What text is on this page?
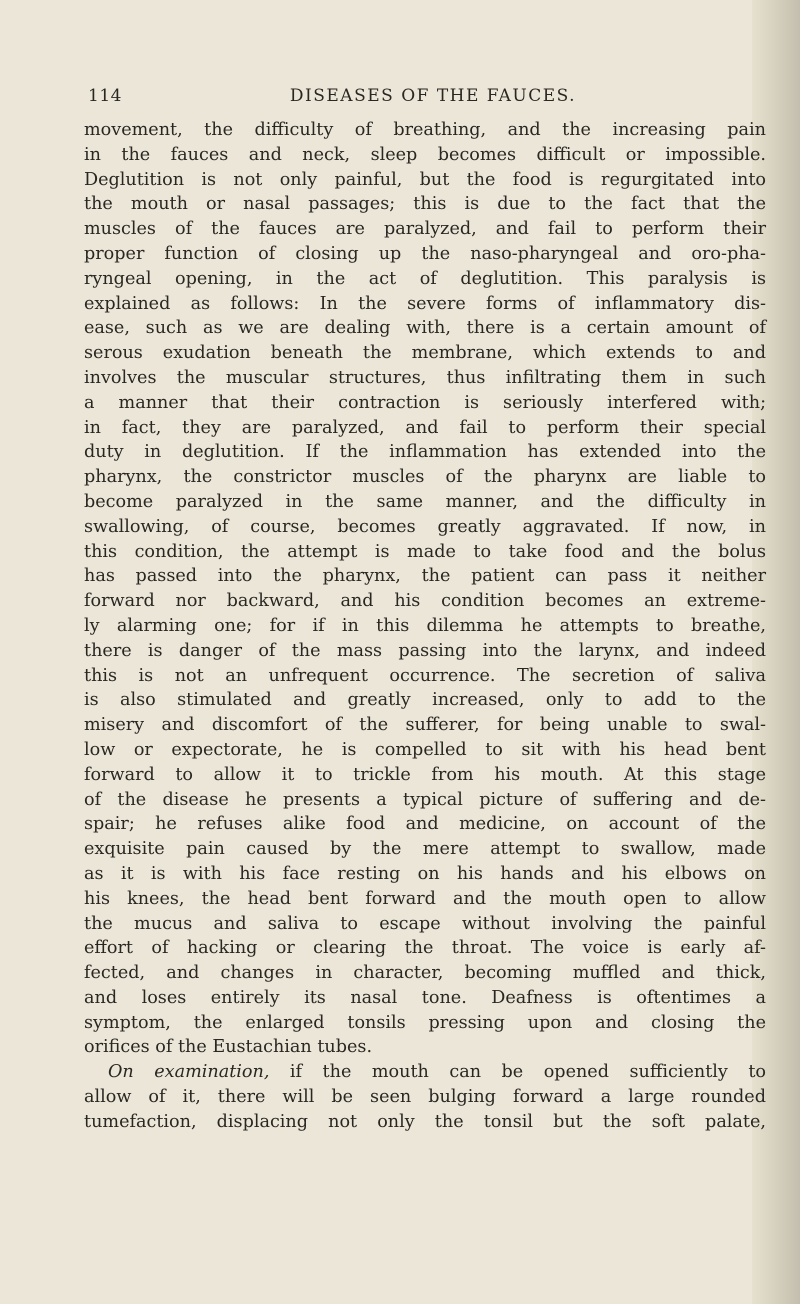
114	DISEASES OF THE FAUCES.
movement, the difficulty of breathing, and the increasing pain
in the fauces and neck, sleep becomes difficult or impossible.
Deglutition is not only painful, but the food is regurgitated into
the mouth or nasal passages; this is due to the fact that the
muscles of the fauces are paralyzed, and fail to perform their
proper function of closing up the naso-pharyngeal and oro-pha-
ryngeal opening, in the act of deglutition. This paralysis is
explained as follows: In the severe forms of inflammatory dis-
ease, such as we are dealing with, there is a certain amount of
serous exudation beneath the membrane, which extends to and
involves the muscular structures, thus infiltrating them in such
a manner that their contraction is seriously interfered with;
in fact, they are paralyzed, and fail to perform their special
duty in deglutition. If the inflammation has extended into the
pharynx, the constrictor muscles of the pharynx are liable to
become paralyzed in the same manner, and the difficulty in
swallowing, of course, becomes greatly aggravated. If now, in
this condition, the attempt is made to take food and the bolus
has passed into the pharynx, the patient can pass it neither
forward nor backward, and his condition becomes an extreme-
ly alarming one; for if in this dilemma he attempts to breathe,
there is danger of the mass passing into the larynx, and indeed
this is not an unfrequent occurrence. The secretion of saliva
is also stimulated and greatly increased, only to add to the
misery and discomfort of the sufferer, for being unable to swal-
low or expectorate, he is compelled to sit with his head bent
forward to allow it to trickle from his mouth. At this stage
of the disease he presents a typical picture of suffering and de-
spair; he refuses alike food and medicine, on account of the
exquisite pain caused by the mere attempt to swallow, made
as it is with his face resting on his hands and his elbows on
his knees, the head bent forward and the mouth open to allow
the mucus and saliva to escape without involving the painful
effort of hacking or clearing the throat. The voice is early af-
fected, and changes in character, becoming muffled and thick,
and loses entirely its nasal tone. Deafness is oftentimes a
symptom, the enlarged tonsils pressing upon and closing the
orifices of the Eustachian tubes.
On examination, if the mouth can be opened sufficiently to
allow of it, there will be seen bulging forward a large rounded
tumefaction, displacing not only the tonsil but the soft palate,
